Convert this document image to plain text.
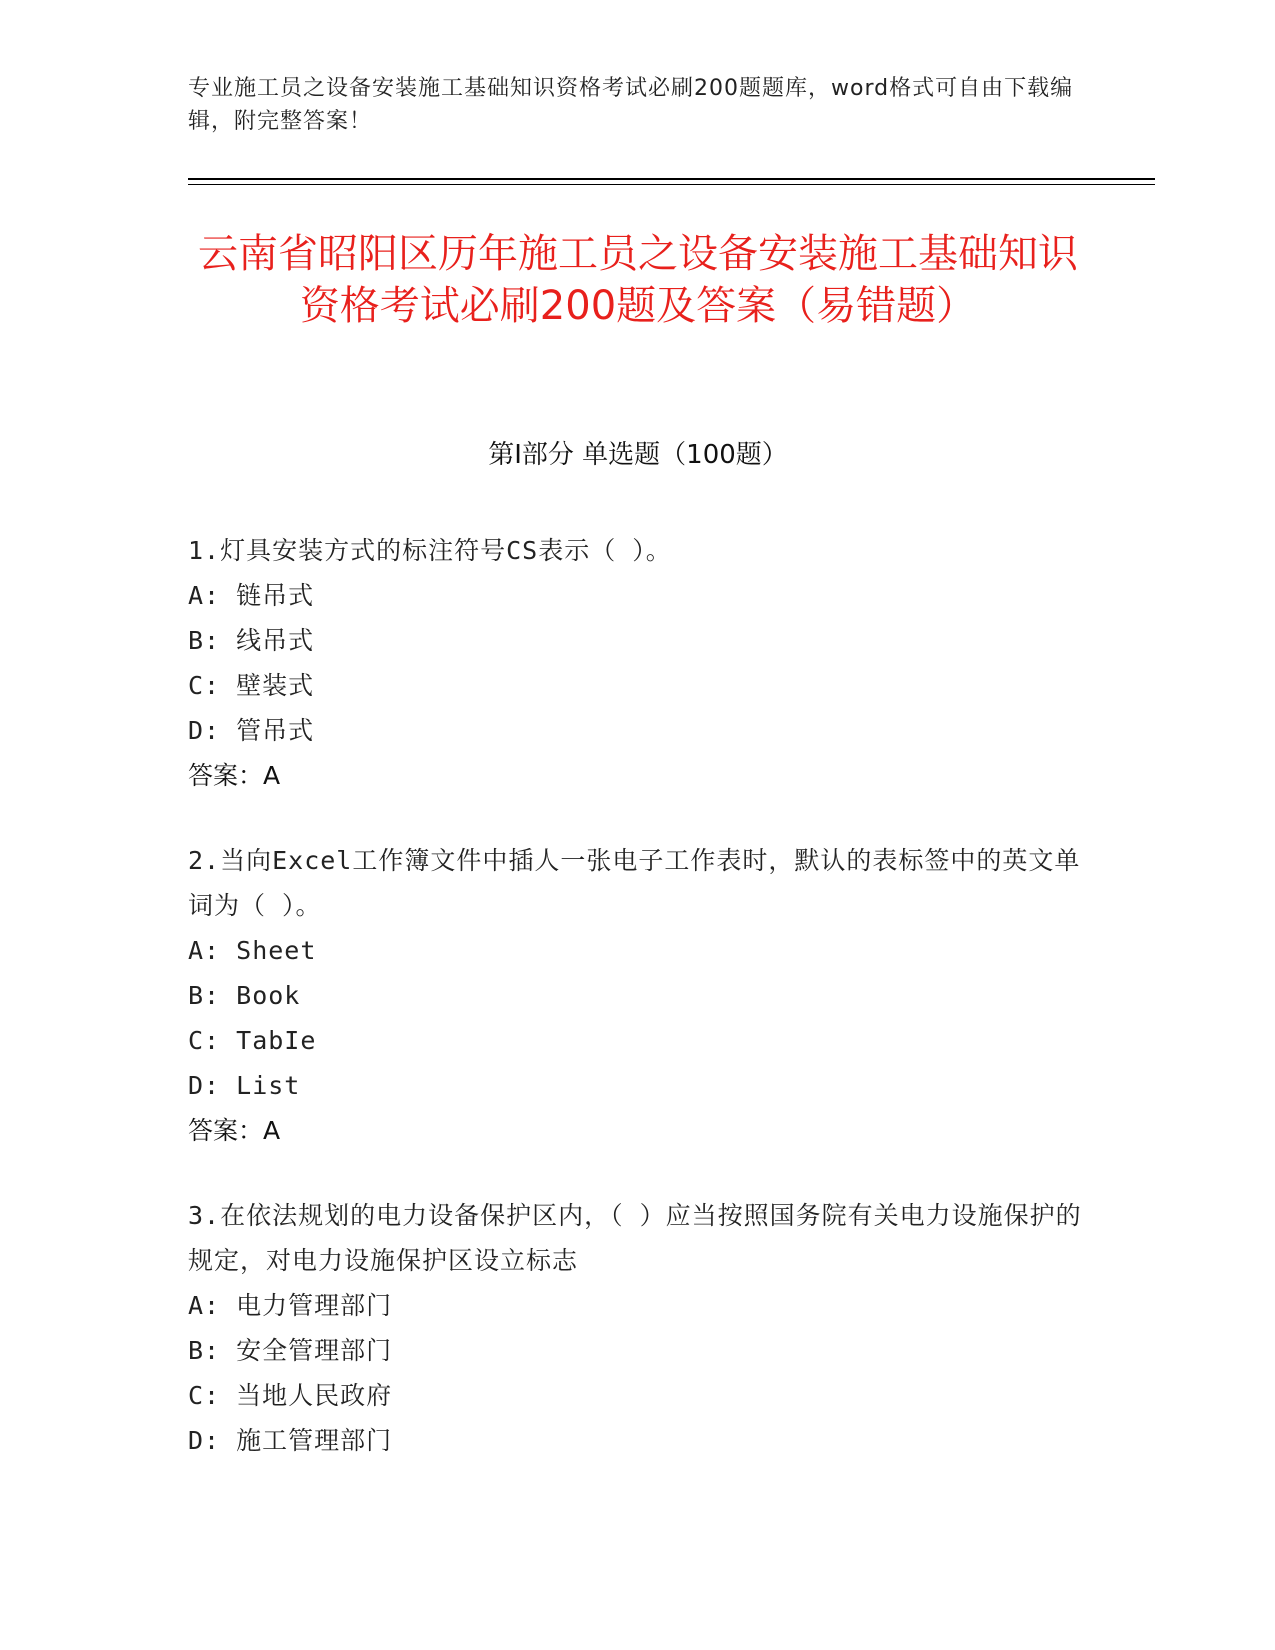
专业施工员之设备安装施工基础知识资格考试必刷200题题库，word格式可自由下载编辑，附完整答案！
云南省昭阳区历年施工员之设备安装施工基础知识资格考试必刷200题及答案（易错题）
第I部分 单选题（100题）

1.灯具安装方式的标注符号CS表示（ ）。

A: 链吊式

B: 线吊式

C: 壁装式

D: 管吊式

答案：A

2.当向Excel工作簿文件中插人一张电子工作表时，默认的表标签中的英文单词为（ ）。

A: Sheet

B: Book

C: TabIe

D: List

答案：A

3.在依法规划的电力设备保护区内，（ ）应当按照国务院有关电力设施保护的规定，对电力设施保护区设立标志

A: 电力管理部门

B: 安全管理部门

C: 当地人民政府

D: 施工管理部门
